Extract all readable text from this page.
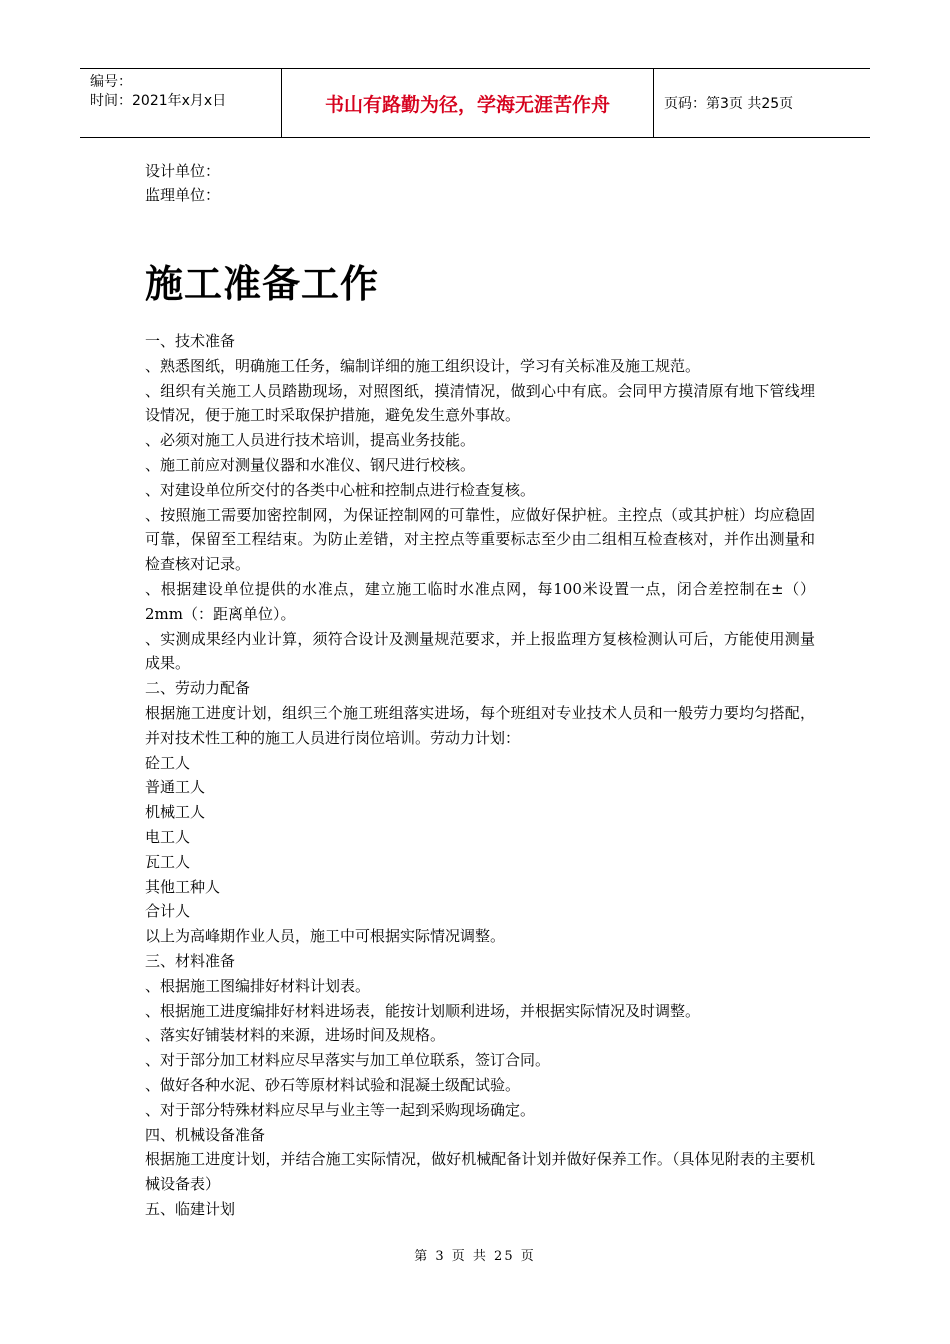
编号：
时间：2021年x月x日	书山有路勤为径，学海无涯苦作舟	页码：第3页 共25页
设计单位：
监理单位：
施工准备工作

一、技术准备

、熟悉图纸，明确施工任务，编制详细的施工组织设计，学习有关标准及施工规范。

、组织有关施工人员踏勘现场，对照图纸，摸清情况，做到心中有底。会同甲方摸清原有地下管线埋设情况，便于施工时采取保护措施，避免发生意外事故。

、必须对施工人员进行技术培训，提高业务技能。

、施工前应对测量仪器和水准仪、钢尺进行校核。

、对建设单位所交付的各类中心桩和控制点进行检查复核。

、按照施工需要加密控制网，为保证控制网的可靠性，应做好保护桩。主控点（或其护桩）均应稳固可靠，保留至工程结束。为防止差错，对主控点等重要标志至少由二组相互检查核对，并作出测量和检查核对记录。

、根据建设单位提供的水准点，建立施工临时水准点网，每100米设置一点，闭合差控制在±（）2mm（：距离单位）。

、实测成果经内业计算，须符合设计及测量规范要求，并上报监理方复核检测认可后，方能使用测量成果。

二、劳动力配备

根据施工进度计划，组织三个施工班组落实进场，每个班组对专业技术人员和一般劳力要均匀搭配，并对技术性工种的施工人员进行岗位培训。劳动力计划：

砼工人

普通工人

机械工人

电工人

瓦工人

其他工种人

合计人

以上为高峰期作业人员，施工中可根据实际情况调整。

三、材料准备

、根据施工图编排好材料计划表。

、根据施工进度编排好材料进场表，能按计划顺利进场，并根据实际情况及时调整。

、落实好铺装材料的来源，进场时间及规格。

、对于部分加工材料应尽早落实与加工单位联系，签订合同。

、做好各种水泥、砂石等原材料试验和混凝土级配试验。

、对于部分特殊材料应尽早与业主等一起到采购现场确定。

四、机械设备准备

根据施工进度计划，并结合施工实际情况，做好机械配备计划并做好保养工作。（具体见附表的主要机械设备表）

五、临建计划

第 3 页 共 25 页
